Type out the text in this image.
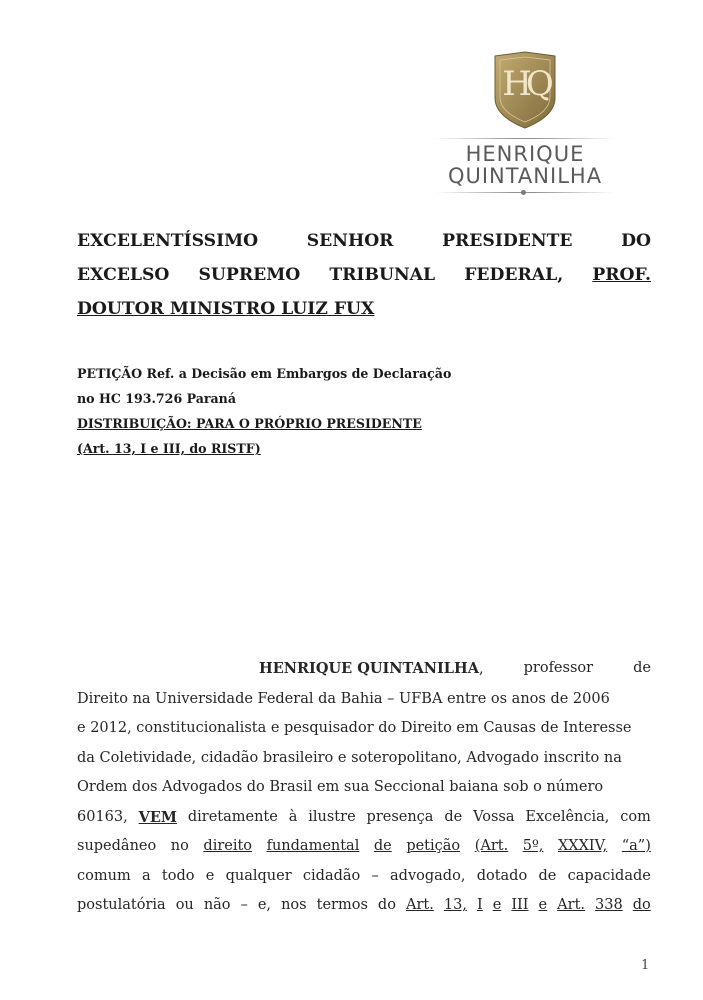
HQ
HENRIQUE
QUINTANILHA
EXCELENTÍSSIMO	SENHOR	PRESIDENTE	DO
EXCELSO SUPREMO TRIBUNAL FEDERAL, PROF.
DOUTOR MINISTRO LUIZ FUX
PETIÇÃO Ref. a Decisão em Embargos de Declaração
no HC 193.726 Paraná
DISTRIBUIÇÃO: PARA O PRÓPRIO PRESIDENTE
(Art. 13, I e III, do RISTF)
HENRIQUE QUINTANILHA,	professor	de
Direito na Universidade Federal da Bahia – UFBA entre os anos de 2006
e 2012, constitucionalista e pesquisador do Direito em Causas de Interesse
da Coletividade, cidadão brasileiro e soteropolitano, Advogado inscrito na
Ordem dos Advogados do Brasil em sua Seccional baiana sob o número
60163, VEM diretamente à ilustre presença de Vossa Excelência, com
supedâneo no direito fundamental de petição (Art. 5º, XXXIV, “a”)
comum a todo e qualquer cidadão – advogado, dotado de capacidade
postulatória ou não – e, nos termos do Art. 13, I e III e Art. 338 do
1
